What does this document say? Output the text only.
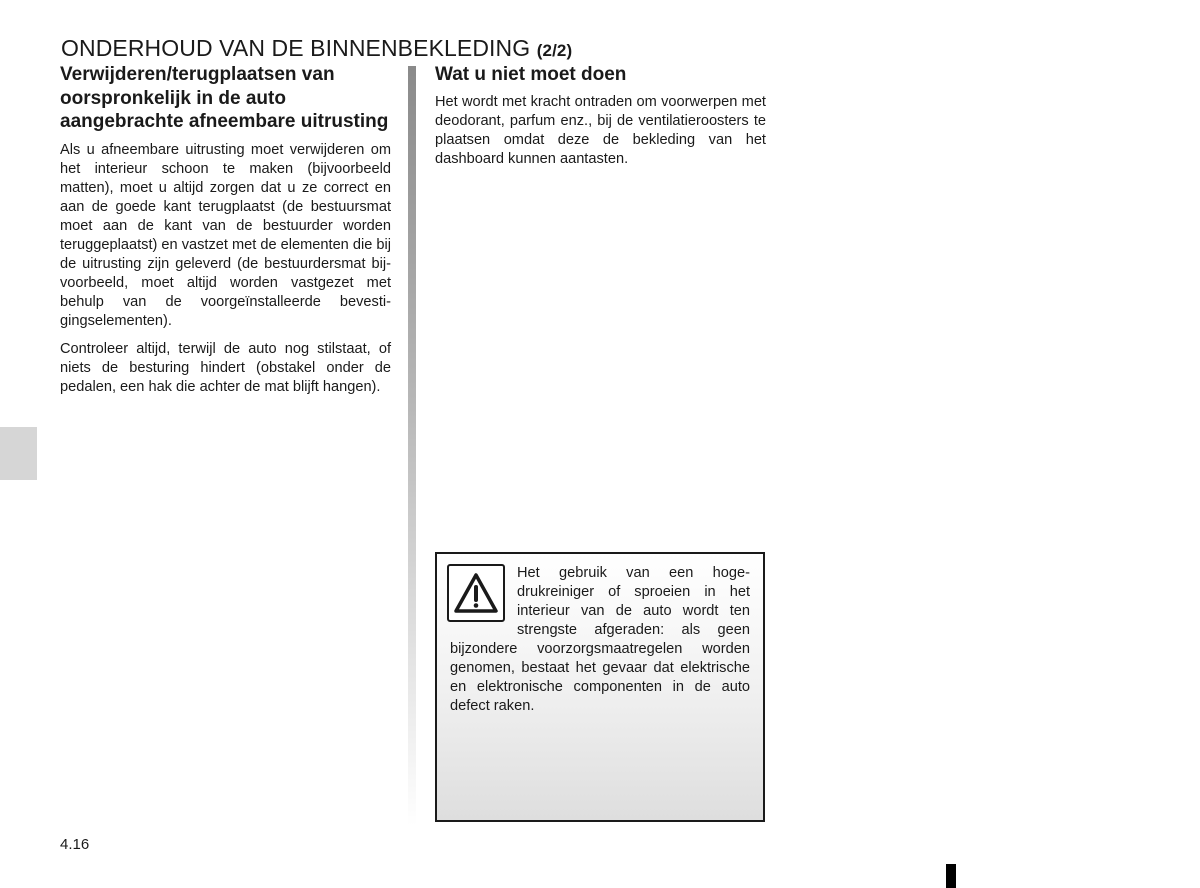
ONDERHOUD VAN DE BINNENBEKLEDING (2/2)
Verwijderen/terugplaatsen van oorspronkelijk in de auto aangebrachte afneembare uitrusting

Als u afneembare uitrusting moet verwijderen om het interieur schoon te maken (bijvoorbeeld matten), moet u altijd zorgen dat u ze correct en aan de goede kant terugplaatst (de bestuursmat moet aan de kant van de bestuurder worden teruggeplaatst) en vastzet met de elementen die bij de uitrusting zijn geleverd (de bestuurdersmat bijvoorbeeld, moet altijd worden vastgezet met behulp van de voorgeïnstalleerde bevestigingselementen).

Controleer altijd, terwijl de auto nog stilstaat, of niets de besturing hindert (obstakel onder de pedalen, een hak die achter de mat blijft hangen).

Wat u niet moet doen

Het wordt met kracht ontraden om voorwerpen met deodorant, parfum enz., bij de ventilatieroosters te plaatsen omdat deze de bekleding van het dashboard kunnen aantasten.

Het gebruik van een hogedrukreiniger of sproeien in het interieur van de auto wordt ten strengste afgeraden: als geen bijzondere voorzorgsmaatregelen worden genomen, bestaat het gevaar dat elektrische en elektronische componenten in de auto defect raken.

4.16
